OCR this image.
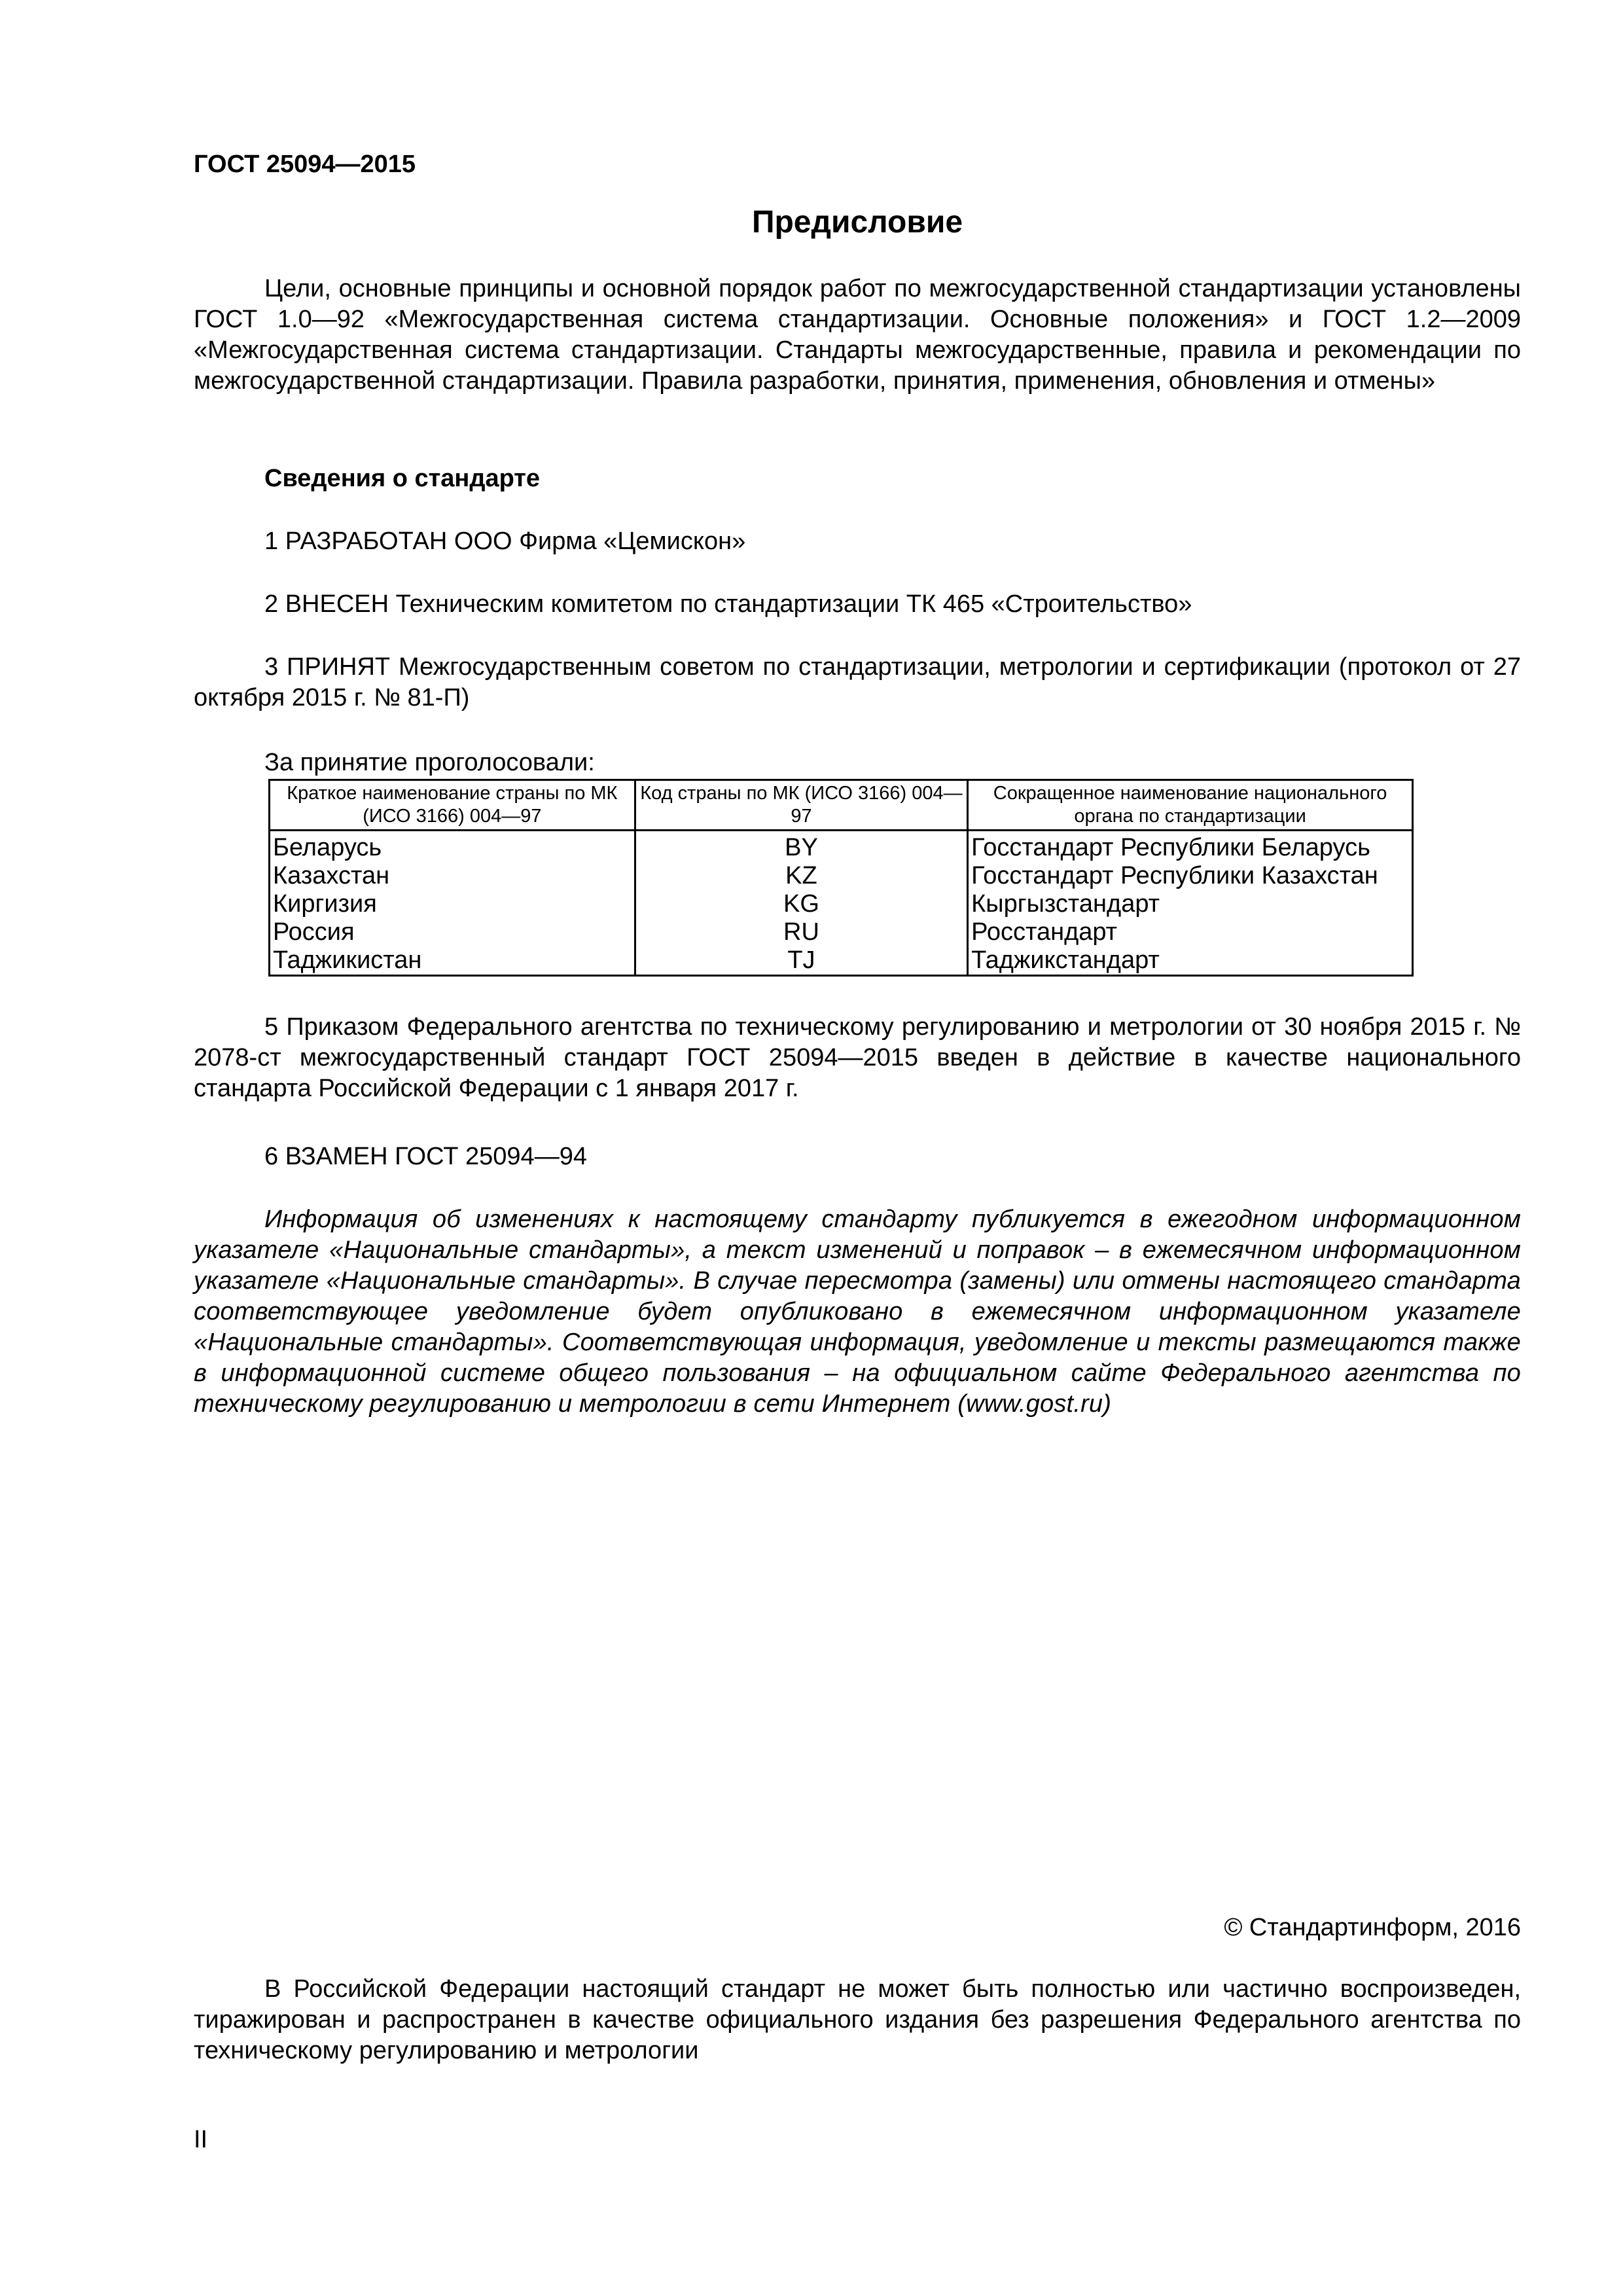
ГОСТ 25094—2015
Предисловие
Цели, основные принципы и основной порядок работ по межгосударственной стандартизации установлены ГОСТ 1.0—92 «Межгосударственная система стандартизации. Основные положения» и ГОСТ 1.2—2009 «Межгосударственная система стандартизации. Стандарты межгосударственные, правила и рекомендации по межгосударственной стандартизации. Правила разработки, принятия, применения, обновления и отмены»
Сведения о стандарте
1 РАЗРАБОТАН ООО Фирма «Цемискон»
2 ВНЕСЕН Техническим комитетом по стандартизации ТК 465 «Строительство»
3 ПРИНЯТ Межгосударственным советом по стандартизации, метрологии и сертификации (протокол от 27 октября 2015 г. № 81-П)
За принятие проголосовали:
Краткое наименование страны по МК (ИСО 3166) 004—97	Код страны по МК (ИСО 3166) 004—97	Сокращенное наименование национального органа по стандартизации
Беларусь	BY	Госстандарт Республики Беларусь
Казахстан	KZ	Госстандарт Республики Казахстан
Киргизия	KG	Кыргызстандарт
Россия	RU	Росстандарт
Таджикистан	TJ	Таджикстандарт
5 Приказом Федерального агентства по техническому регулированию и метрологии от 30 ноября 2015 г. № 2078-ст межгосударственный стандарт ГОСТ 25094—2015 введен в действие в качестве национального стандарта Российской Федерации с 1 января 2017 г.
6 ВЗАМЕН ГОСТ 25094—94
Информация об изменениях к настоящему стандарту публикуется в ежегодном информационном указателе «Национальные стандарты», а текст изменений и поправок – в ежемесячном информационном указателе «Национальные стандарты». В случае пересмотра (замены) или отмены настоящего стандарта соответствующее уведомление будет опубликовано в ежемесячном информационном указателе «Национальные стандарты». Соответствующая информация, уведомление и тексты размещаются также в информационной системе общего пользования – на официальном сайте Федерального агентства по техническому регулированию и метрологии в сети Интернет (www.gost.ru)
© Стандартинформ, 2016
В Российской Федерации настоящий стандарт не может быть полностью или частично воспроизведен, тиражирован и распространен в качестве официального издания без разрешения Федерального агентства по техническому регулированию и метрологии
II
